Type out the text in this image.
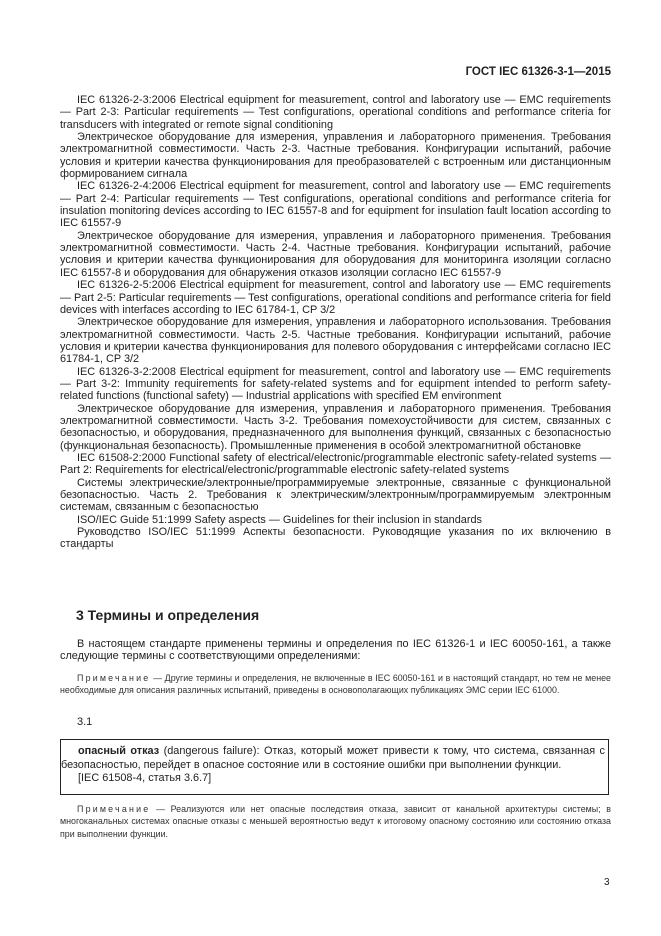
ГОСТ IEC 61326-3-1—2015

IEC 61326-2-3:2006 Electrical equipment for measurement, control and laboratory use — EMC requirements — Part 2-3: Particular requirements — Test configurations, operational conditions and performance criteria for transducers with integrated or remote signal conditioning

Электрическое оборудование для измерения, управления и лабораторного применения. Требования электромагнитной совместимости. Часть 2-3. Частные требования. Конфигурации испытаний, рабочие условия и критерии качества функционирования для преобразователей с встроенным или дистанционным формированием сигнала

IEC 61326-2-4:2006 Electrical equipment for measurement, control and laboratory use — EMC requirements — Part 2-4: Particular requirements — Test configurations, operational conditions and performance criteria for insulation monitoring devices according to IEC 61557-8 and for equipment for insulation fault location according to IEC 61557-9

Электрическое оборудование для измерения, управления и лабораторного применения. Требования электромагнитной совместимости. Часть 2-4. Частные требования. Конфигурации испытаний, рабочие условия и критерии качества функционирования для оборудования для мониторинга изоляции согласно IEC 61557-8 и оборудования для обнаружения отказов изоляции согласно IEC 61557-9

IEC 61326-2-5:2006 Electrical equipment for measurement, control and laboratory use — EMC requirements — Part 2-5: Particular requirements — Test configurations, operational conditions and performance criteria for field devices with interfaces according to IEC 61784-1, CP 3/2

Электрическое оборудование для измерения, управления и лабораторного использования. Требования электромагнитной совместимости. Часть 2-5. Частные требования. Конфигурации испытаний, рабочие условия и критерии качества функционирования для полевого оборудования с интерфейсами согласно IEC 61784-1, CP 3/2

IEC 61326-3-2:2008 Electrical equipment for measurement, control and laboratory use — EMC requirements — Part 3-2: Immunity requirements for safety-related systems and for equipment intended to perform safety-related functions (functional safety) — Industrial applications with specified EM environment

Электрическое оборудование для измерения, управления и лабораторного применения. Требования электромагнитной совместимости. Часть 3-2. Требования помехоустойчивости для систем, связанных с безопасностью, и оборудования, предназначенного для выполнения функций, связанных с безопасностью (функциональная безопасность). Промышленные применения в особой электромагнитной обстановке

IEC 61508-2:2000 Functional safety of electrical/electronic/programmable electronic safety-related systems — Part 2: Requirements for electrical/electronic/programmable electronic safety-related systems

Системы электрические/электронные/программируемые электронные, связанные с функциональной безопасностью. Часть 2. Требования к электрическим/электронным/программируемым электронным системам, связанным с безопасностью

ISO/IEC Guide 51:1999 Safety aspects — Guidelines for their inclusion in standards

Руководство ISO/IEC 51:1999 Аспекты безопасности. Руководящие указания по их включению в стандарты

3 Термины и определения

В настоящем стандарте применены термины и определения по IEC 61326-1 и IEC 60050-161, а также следующие термины с соответствующими определениями:

Примечание — Другие термины и определения, не включенные в IEC 60050-161 и в настоящий стандарт, но тем не менее необходимые для описания различных испытаний, приведены в основополагающих публикациях ЭМС серии IEC 61000.

3.1

опасный отказ (dangerous failure): Отказ, который может привести к тому, что система, связанная с безопасностью, перейдет в опасное состояние или в состояние ошибки при выполнении функции.

[IEC 61508-4, статья 3.6.7]

Примечание — Реализуются или нет опасные последствия отказа, зависит от канальной архитектуры системы; в многоканальных системах опасные отказы с меньшей вероятностью ведут к итоговому опасному состоянию или состоянию отказа при выполнении функции.

3
